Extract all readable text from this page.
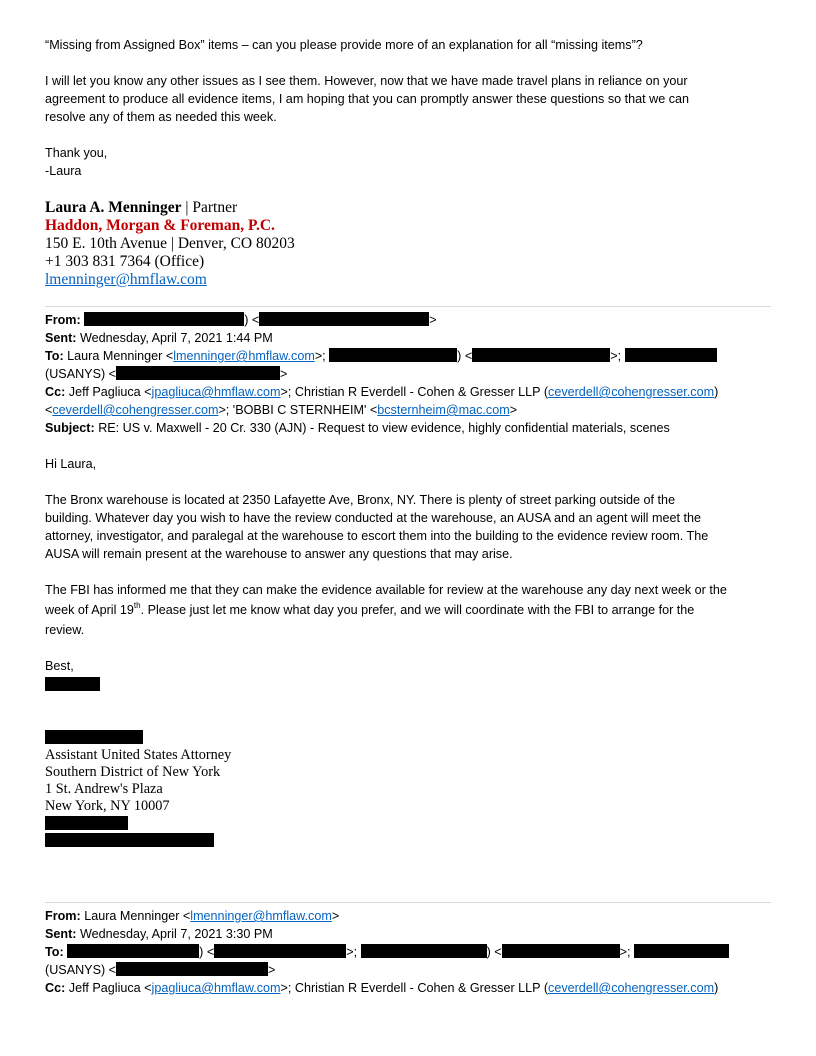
“Missing from Assigned Box” items – can you please provide more of an explanation for all “missing items”?
I will let you know any other issues as I see them. However, now that we have made travel plans in reliance on your
agreement to produce all evidence items, I am hoping that you can promptly answer these questions so that we can
resolve any of them as needed this week.
Thank you,
-Laura
Laura A. Menninger | Partner
Haddon, Morgan & Foreman, P.C.
150 E. 10th Avenue | Denver, CO 80203
+1 303 831 7364 (Office)
lmenninger@hmflaw.com
From:	) <	>
Sent: Wednesday, April 7, 2021 1:44 PM
To: Laura Menninger <lmenninger@hmflaw.com>;	) <	>;
(USANYS) <	>
Cc: Jeff Pagliuca <jpagliuca@hmflaw.com>; Christian R Everdell - Cohen & Gresser LLP (ceverdell@cohengresser.com)
<ceverdell@cohengresser.com>; 'BOBBI C STERNHEIM' <bcsternheim@mac.com>
Subject: RE: US v. Maxwell - 20 Cr. 330 (AJN) - Request to view evidence, highly confidential materials, scenes
Hi Laura,
The Bronx warehouse is located at 2350 Lafayette Ave, Bronx, NY. There is plenty of street parking outside of the
building. Whatever day you wish to have the review conducted at the warehouse, an AUSA and an agent will meet the
attorney, investigator, and paralegal at the warehouse to escort them into the building to the evidence review room. The
AUSA will remain present at the warehouse to answer any questions that may arise.
The FBI has informed me that they can make the evidence available for review at the warehouse any day next week or the
week of April 19th. Please just let me know what day you prefer, and we will coordinate with the FBI to arrange for the
review.
Best,
Assistant United States Attorney
Southern District of New York
1 St. Andrew's Plaza
New York, NY 10007
From: Laura Menninger <lmenninger@hmflaw.com>
Sent: Wednesday, April 7, 2021 3:30 PM
To:	) <	>;	) <	>;
(USANYS) <	>
Cc: Jeff Pagliuca <jpagliuca@hmflaw.com>; Christian R Everdell - Cohen & Gresser LLP (ceverdell@cohengresser.com)
